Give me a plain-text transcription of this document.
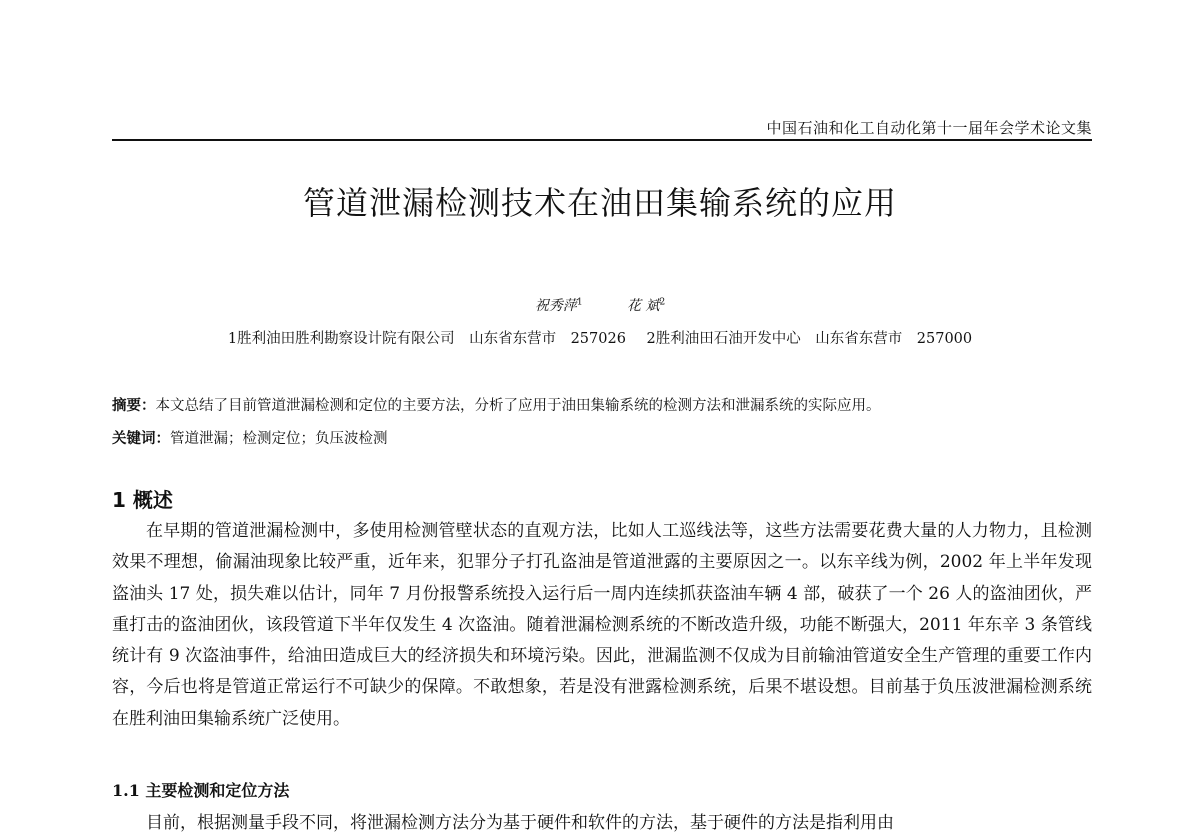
中国石油和化工自动化第十一届年会学术论文集
管道泄漏检测技术在油田集输系统的应用
祝秀萍$^1$	花 斌$^2$
1胜利油田胜利勘察设计院有限公司　山东省东营市　257026 2胜利油田石油开发中心　山东省东营市　257000
摘要：本文总结了目前管道泄漏检测和定位的主要方法，分析了应用于油田集输系统的检测方法和泄漏系统的实际应用。
关键词：管道泄漏；检测定位；负压波检测
1 概述

在早期的管道泄漏检测中，多使用检测管壁状态的直观方法，比如人工巡线法等，这些方法需要花费大量的人力物力，且检测效果不理想，偷漏油现象比较严重，近年来，犯罪分子打孔盗油是管道泄露的主要原因之一。以东辛线为例，2002 年上半年发现盗油头 17 处，损失难以估计，同年 7 月份报警系统投入运行后一周内连续抓获盗油车辆 4 部，破获了一个 26 人的盗油团伙，严重打击的盗油团伙，该段管道下半年仅发生 4 次盗油。随着泄漏检测系统的不断改造升级，功能不断强大，2011 年东辛 3 条管线统计有 9 次盗油事件，给油田造成巨大的经济损失和环境污染。因此，泄漏监测不仅成为目前输油管道安全生产管理的重要工作内容，今后也将是管道正常运行不可缺少的保障。不敢想象，若是没有泄露检测系统，后果不堪设想。目前基于负压波泄漏检测系统在胜利油田集输系统广泛使用。

1.1 主要检测和定位方法

目前，根据测量手段不同，将泄漏检测方法分为基于硬件和软件的方法，基于硬件的方法是指利用由
